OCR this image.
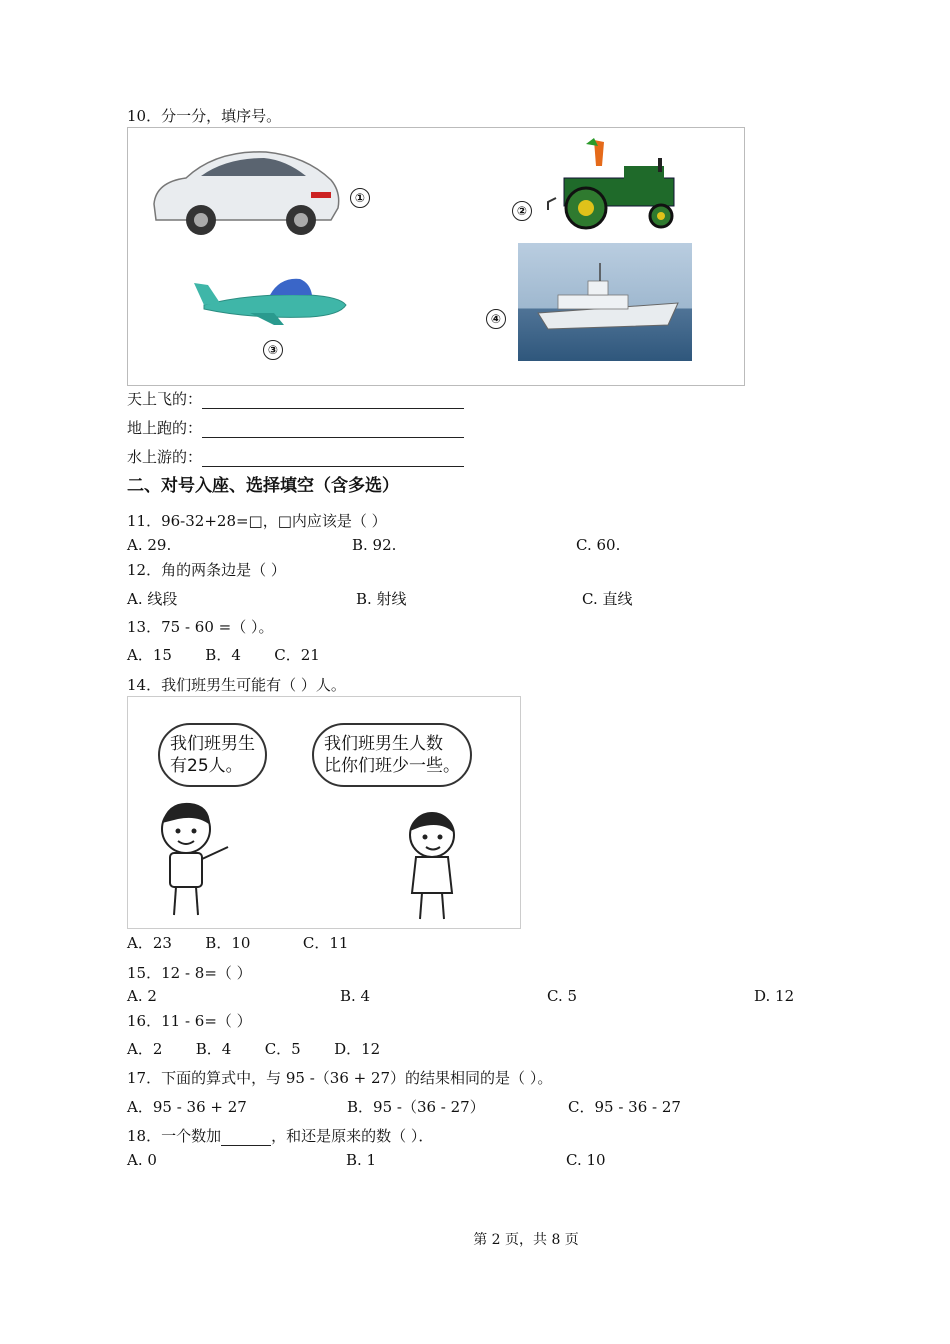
10．分一分，填序号。
①
②
③
④
天上飞的：
地上跑的：
水上游的：
二、对号入座、选择填空（含多选）
11．96-32+28=□，□内应该是（ ）
A. 29.	B. 92.	C. 60.
12．角的两条边是（ ）
A. 线段	B. 射线	C. 直线
13．75 - 60 =（ ）。
A．15       B．4       C．21
14．我们班男生可能有（ ）人。
我们班男生
有25人。
我们班男生人数
比你们班少一些。
A．23       B．10           C．11
15．12 - 8=（ ）
A. 2	B. 4	C. 5	D. 12
16．11 - 6=（ ）
A．2       B．4       C．5       D．12
17．下面的算式中，与 95 -（36 + 27）的结果相同的是（ ）。
A．95 - 36 + 27	B．95 -（36 - 27）	C．95 - 36 - 27
18．一个数加	，和还是原来的数（ ）．
A. 0	B. 1	C. 10
第 2 页，共 8 页
